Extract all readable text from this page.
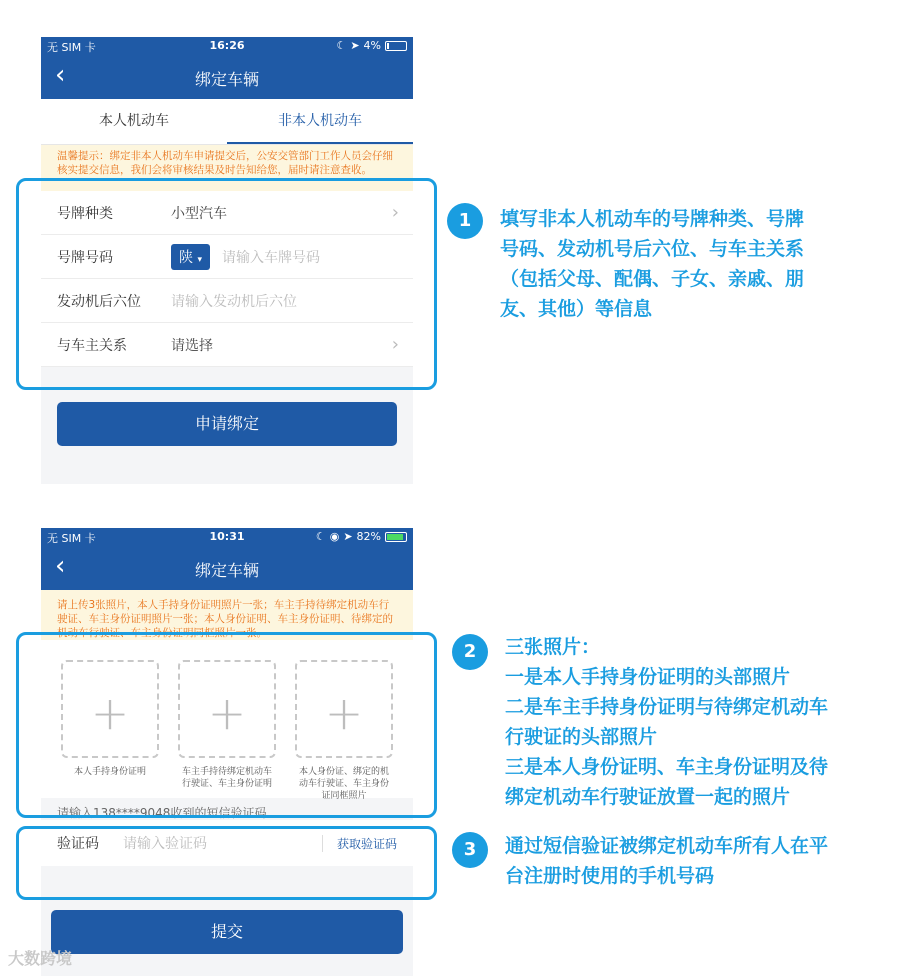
无 SIM 卡	16:26	☾ ➤ 4%
‹	绑定车辆
本人机动车	非本人机动车
温馨提示：绑定非本人机动车申请提交后，公安交管部门工作人员会仔细核实提交信息，我们会将审核结果及时告知给您，届时请注意查收。
号牌种类	小型汽车	›
号牌号码	陕 ▾	请输入车牌号码
发动机后六位	请输入发动机后六位
与车主关系	请选择	›
申请绑定
无 SIM 卡	10:31	☾ ◉ ➤ 82%
‹	绑定车辆
请上传3张照片，本人手持身份证明照片一张；车主手持待绑定机动车行驶证、车主身份证明照片一张；本人身份证明、车主身份证明、待绑定的机动车行驶证、车主身份证明同框照片一张。
+
本人手持身份证明
+
车主手持待绑定机动车行驶证、车主身份证明
+
本人身份证、绑定的机动车行驶证、车主身份证同框照片
请输入138****9048收到的短信验证码
验证码	请输入验证码	获取验证码
提交
1	填写非本人机动车的号牌种类、号牌
号码、发动机号后六位、与车主关系
（包括父母、配偶、子女、亲戚、朋
友、其他）等信息
2	三张照片：
一是本人手持身份证明的头部照片
二是车主手持身份证明与待绑定机动车
行驶证的头部照片
三是本人身份证明、车主身份证明及待
绑定机动车行驶证放置一起的照片
3	通过短信验证被绑定机动车所有人在平
台注册时使用的手机号码
大数跨境
